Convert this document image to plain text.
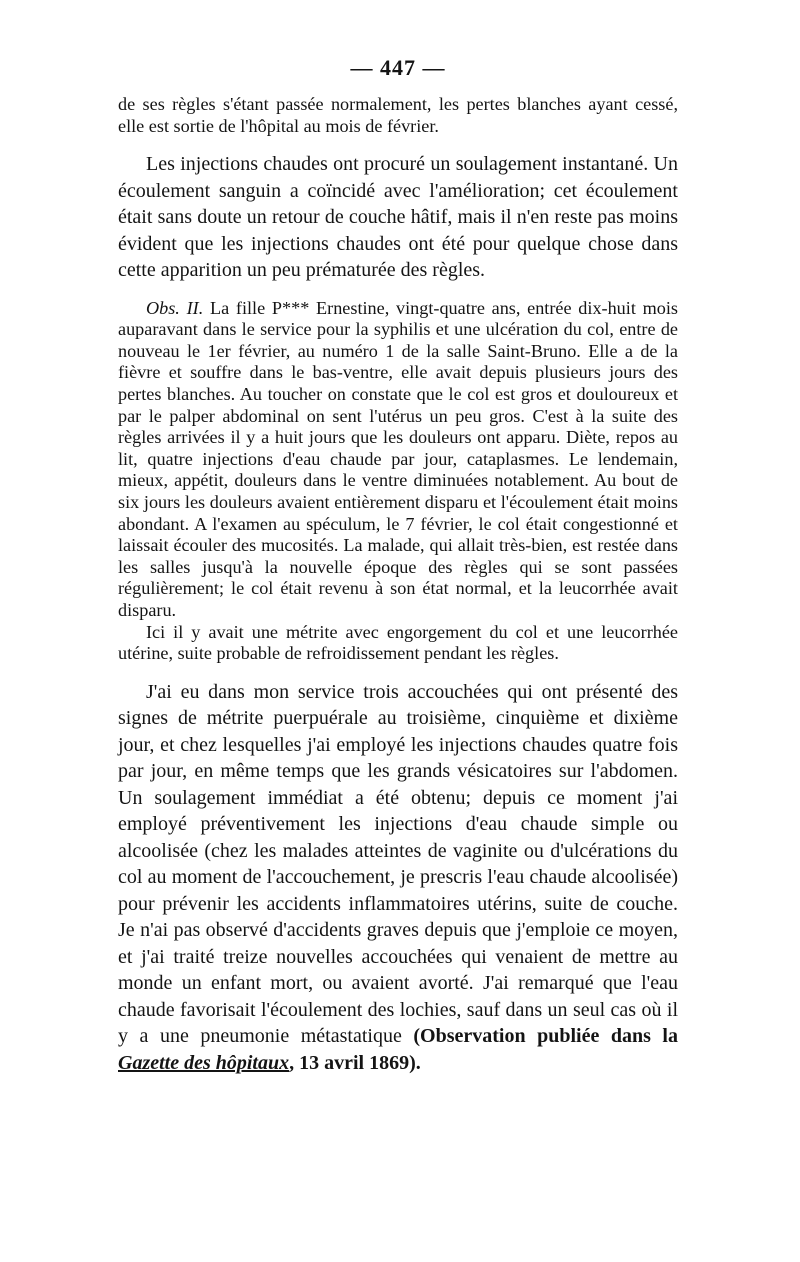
— 447 —

de ses règles s'étant passée normalement, les pertes blanches ayant cessé, elle est sortie de l'hôpital au mois de février.

Les injections chaudes ont procuré un soulagement instantané. Un écoulement sanguin a coïncidé avec l'amélioration; cet écoulement était sans doute un retour de couche hâtif, mais il n'en reste pas moins évident que les injections chaudes ont été pour quelque chose dans cette apparition un peu prématurée des règles.

Obs. II. La fille P*** Ernestine, vingt-quatre ans, entrée dix-huit mois auparavant dans le service pour la syphilis et une ulcération du col, entre de nouveau le 1er février, au numéro 1 de la salle Saint-Bruno. Elle a de la fièvre et souffre dans le bas-ventre, elle avait depuis plusieurs jours des pertes blanches. Au toucher on constate que le col est gros et douloureux et par le palper abdominal on sent l'utérus un peu gros. C'est à la suite des règles arrivées il y a huit jours que les douleurs ont apparu. Diète, repos au lit, quatre injections d'eau chaude par jour, cataplasmes. Le lendemain, mieux, appétit, douleurs dans le ventre diminuées notablement. Au bout de six jours les douleurs avaient entièrement disparu et l'écoulement était moins abondant. A l'examen au spéculum, le 7 février, le col était congestionné et laissait écouler des mucosités. La malade, qui allait très-bien, est restée dans les salles jusqu'à la nouvelle époque des règles qui se sont passées régulièrement; le col était revenu à son état normal, et la leucorrhée avait disparu.

Ici il y avait une métrite avec engorgement du col et une leucorrhée utérine, suite probable de refroidissement pendant les règles.

J'ai eu dans mon service trois accouchées qui ont présenté des signes de métrite puerpuérale au troisième, cinquième et dixième jour, et chez lesquelles j'ai employé les injections chaudes quatre fois par jour, en même temps que les grands vésicatoires sur l'abdomen. Un soulagement immédiat a été obtenu; depuis ce moment j'ai employé préventivement les injections d'eau chaude simple ou alcoolisée (chez les malades atteintes de vaginite ou d'ulcérations du col au moment de l'accouchement, je prescris l'eau chaude alcoolisée) pour prévenir les accidents inflammatoires utérins, suite de couche. Je n'ai pas observé d'accidents graves depuis que j'emploie ce moyen, et j'ai traité treize nouvelles accouchées qui venaient de mettre au monde un enfant mort, ou avaient avorté. J'ai remarqué que l'eau chaude favorisait l'écoulement des lochies, sauf dans un seul cas où il y a une pneumonie métastatique (Observation publiée dans la Gazette des hôpitaux, 13 avril 1869).
